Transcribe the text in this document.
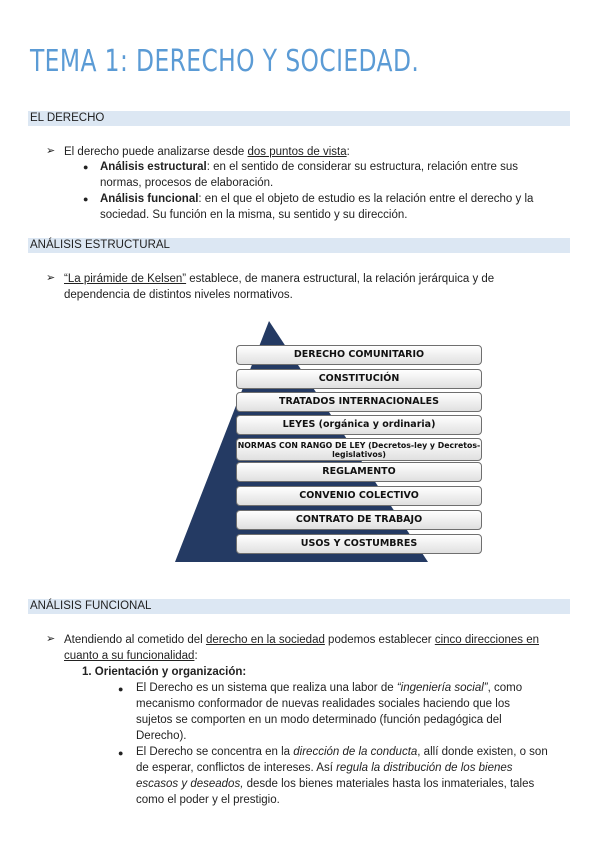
TEMA 1: DERECHO Y SOCIEDAD.
EL DERECHO
➢ El derecho puede analizarse desde dos puntos de vista:
● Análisis estructural: en el sentido de considerar su estructura, relación entre sus
normas, procesos de elaboración.
● Análisis funcional: en el que el objeto de estudio es la relación entre el derecho y la
sociedad. Su función en la misma, su sentido y su dirección.
ANÁLISIS ESTRUCTURAL
➢ “La pirámide de Kelsen” establece, de manera estructural, la relación jerárquica y de
dependencia de distintos niveles normativos.
DERECHO COMUNITARIO
CONSTITUCIÓN
TRATADOS INTERNACIONALES
LEYES (orgánica y ordinaria)
NORMAS CON RANGO DE LEY (Decretos-ley y Decretos-legislativos)
REGLAMENTO
CONVENIO COLECTIVO
CONTRATO DE TRABAJO
USOS Y COSTUMBRES
ANÁLISIS FUNCIONAL
➢ Atendiendo al cometido del derecho en la sociedad podemos establecer cinco direcciones en
cuanto a su funcionalidad:
1. Orientación y organización:
● El Derecho es un sistema que realiza una labor de “ingeniería social”, como
mecanismo conformador de nuevas realidades sociales haciendo que los
sujetos se comporten en un modo determinado (función pedagógica del
Derecho).
● El Derecho se concentra en la dirección de la conducta, allí donde existen, o son
de esperar, conflictos de intereses. Así regula la distribución de los bienes
escasos y deseados, desde los bienes materiales hasta los inmateriales, tales
como el poder y el prestigio.
